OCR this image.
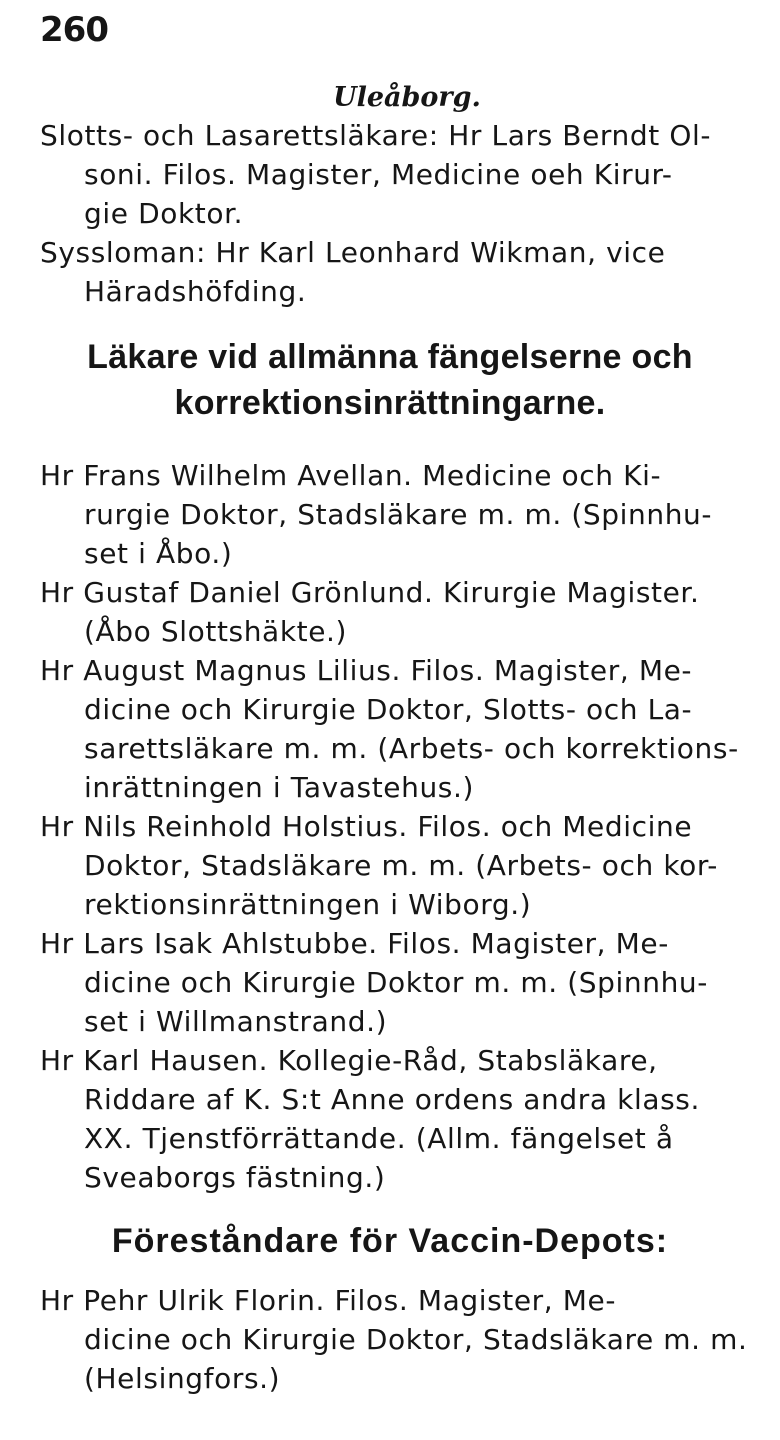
260
Uleåborg.

Slotts- och Lasarettsläkare: Hr Lars Berndt Ol-

soni. Filos. Magister, Medicine oeh Kirur-

gie Doktor.

Syssloman: Hr Karl Leonhard Wikman, vice

Häradshöfding.

Läkare vid allmänna fängelserne och
korrektionsinrättningarne.

Hr Frans Wilhelm Avellan. Medicine och Ki-

rurgie Doktor, Stadsläkare m. m. (Spinnhu-

set i Åbo.)

Hr Gustaf Daniel Grönlund. Kirurgie Magister.

(Åbo Slottshäkte.)

Hr August Magnus Lilius. Filos. Magister, Me-

dicine och Kirurgie Doktor, Slotts- och La-

sarettsläkare m. m. (Arbets- och korrektions-

inrättningen i Tavastehus.)

Hr Nils Reinhold Holstius. Filos. och Medicine

Doktor, Stadsläkare m. m. (Arbets- och kor-

rektionsinrättningen i Wiborg.)

Hr Lars Isak Ahlstubbe. Filos. Magister, Me-

dicine och Kirurgie Doktor m. m. (Spinnhu-

set i Willmanstrand.)

Hr Karl Hausen. Kollegie-Råd, Stabsläkare,

Riddare af K. S:t Anne ordens andra klass.

XX. Tjenstförrättande. (Allm. fängelset å

Sveaborgs fästning.)

Föreståndare för Vaccin-Depots:

Hr Pehr Ulrik Florin. Filos. Magister, Me-

dicine och Kirurgie Doktor, Stadsläkare m. m.

(Helsingfors.)
